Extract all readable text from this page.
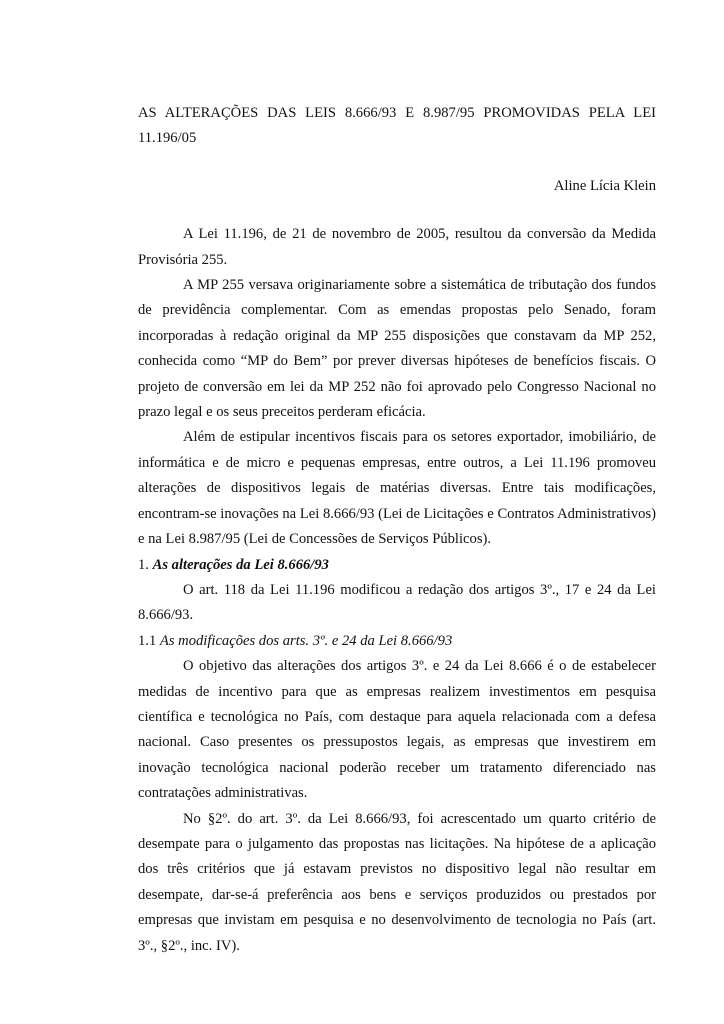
AS ALTERAÇÕES DAS LEIS 8.666/93 E 8.987/95 PROMOVIDAS PELA LEI 11.196/05

Aline Lícia Klein

A Lei 11.196, de 21 de novembro de 2005, resultou da conversão da Medida Provisória 255.

A MP 255 versava originariamente sobre a sistemática de tributação dos fundos de previdência complementar. Com as emendas propostas pelo Senado, foram incorporadas à redação original da MP 255 disposições que constavam da MP 252, conhecida como “MP do Bem” por prever diversas hipóteses de benefícios fiscais. O projeto de conversão em lei da MP 252 não foi aprovado pelo Congresso Nacional no prazo legal e os seus preceitos perderam eficácia.

Além de estipular incentivos fiscais para os setores exportador, imobiliário, de informática e de micro e pequenas empresas, entre outros, a Lei 11.196 promoveu alterações de dispositivos legais de matérias diversas. Entre tais modificações, encontram-se inovações na Lei 8.666/93 (Lei de Licitações e Contratos Administrativos) e na Lei 8.987/95 (Lei de Concessões de Serviços Públicos).

1. As alterações da Lei 8.666/93

O art. 118 da Lei 11.196 modificou a redação dos artigos 3º., 17 e 24 da Lei 8.666/93.

1.1 As modificações dos arts. 3º. e 24 da Lei 8.666/93

O objetivo das alterações dos artigos 3º. e 24 da Lei 8.666 é o de estabelecer medidas de incentivo para que as empresas realizem investimentos em pesquisa científica e tecnológica no País, com destaque para aquela relacionada com a defesa nacional. Caso presentes os pressupostos legais, as empresas que investirem em inovação tecnológica nacional poderão receber um tratamento diferenciado nas contratações administrativas.

No §2º. do art. 3º. da Lei 8.666/93, foi acrescentado um quarto critério de desempate para o julgamento das propostas nas licitações. Na hipótese de a aplicação dos três critérios que já estavam previstos no dispositivo legal não resultar em desempate, dar-se-á preferência aos bens e serviços produzidos ou prestados por empresas que invistam em pesquisa e no desenvolvimento de tecnologia no País (art. 3º., §2º., inc. IV).
